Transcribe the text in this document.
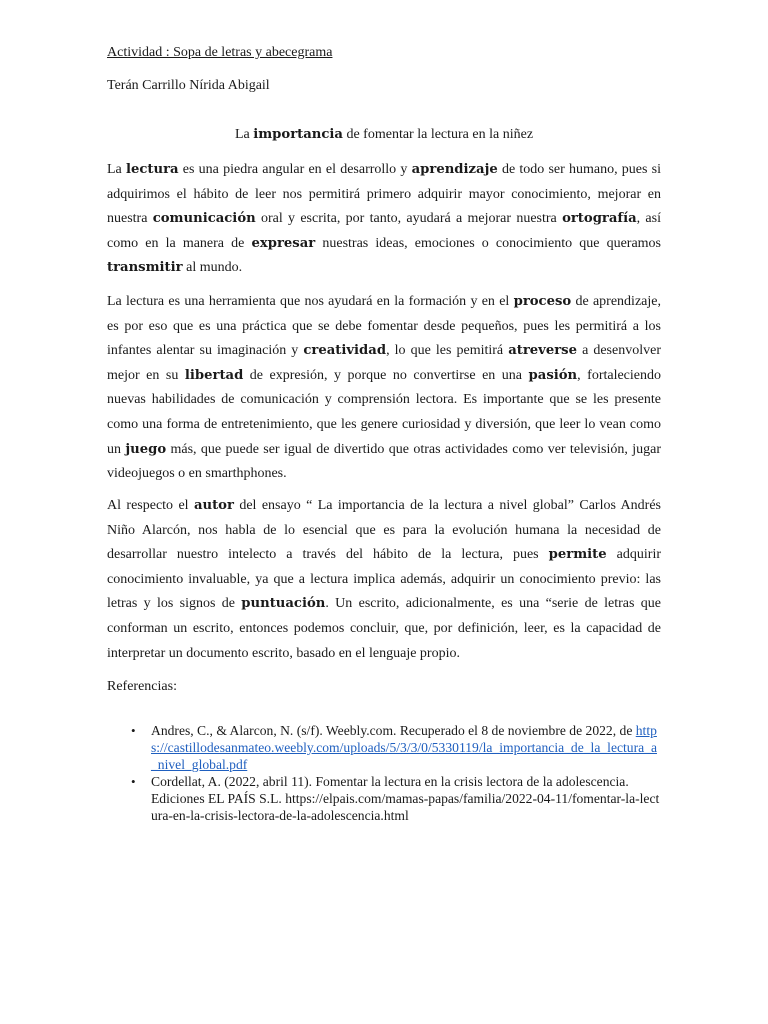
Actividad : Sopa de letras y abecegrama
Terán Carrillo Nírida Abigail
La importancia de fomentar la lectura en la niñez

La lectura es una piedra angular en el desarrollo y aprendizaje de todo ser humano, pues si adquirimos el hábito de leer nos permitirá primero adquirir mayor conocimiento, mejorar en nuestra comunicación oral y escrita, por tanto, ayudará a mejorar nuestra ortografía, así como en la manera de expresar nuestras ideas, emociones o conocimiento que queramos transmitir al mundo.

La lectura es una herramienta que nos ayudará en la formación y en el proceso de aprendizaje, es por eso que es una práctica que se debe fomentar desde pequeños, pues les permitirá a los infantes alentar su imaginación y creatividad, lo que les pemitirá atreverse a desenvolver mejor en su libertad de expresión, y porque no convertirse en una pasión, fortaleciendo nuevas habilidades de comunicación y comprensión lectora. Es importante que se les presente como una forma de entretenimiento, que les genere curiosidad y diversión, que leer lo vean como un juego más, que puede ser igual de divertido que otras actividades como ver televisión, jugar videojuegos o en smarthphones.

Al respecto el autor del ensayo “ La importancia de la lectura a nivel global” Carlos Andrés Niño Alarcón, nos habla de lo esencial que es para la evolución humana la necesidad de desarrollar nuestro intelecto a través del hábito de la lectura, pues permite adquirir conocimiento invaluable, ya que a lectura implica además, adquirir un conocimiento previo: las letras y los signos de puntuación. Un escrito, adicionalmente, es una “serie de letras que conforman un escrito, entonces podemos concluir, que, por definición, leer, es la capacidad de interpretar un documento escrito, basado en el lenguaje propio.

Referencias:
• Andres, C., & Alarcon, N. (s/f). Weebly.com. Recuperado el 8 de noviembre de 2022, de https://castillodesanmateo.weebly.com/uploads/5/3/3/0/5330119/la_importancia_de_la_lectura_a_nivel_global.pdf
• Cordellat, A. (2022, abril 11). Fomentar la lectura en la crisis lectora de la adolescencia. Ediciones EL PAÍS S.L. https://elpais.com/mamas-papas/familia/2022-04-11/fomentar-la-lectura-en-la-crisis-lectora-de-la-adolescencia.html
